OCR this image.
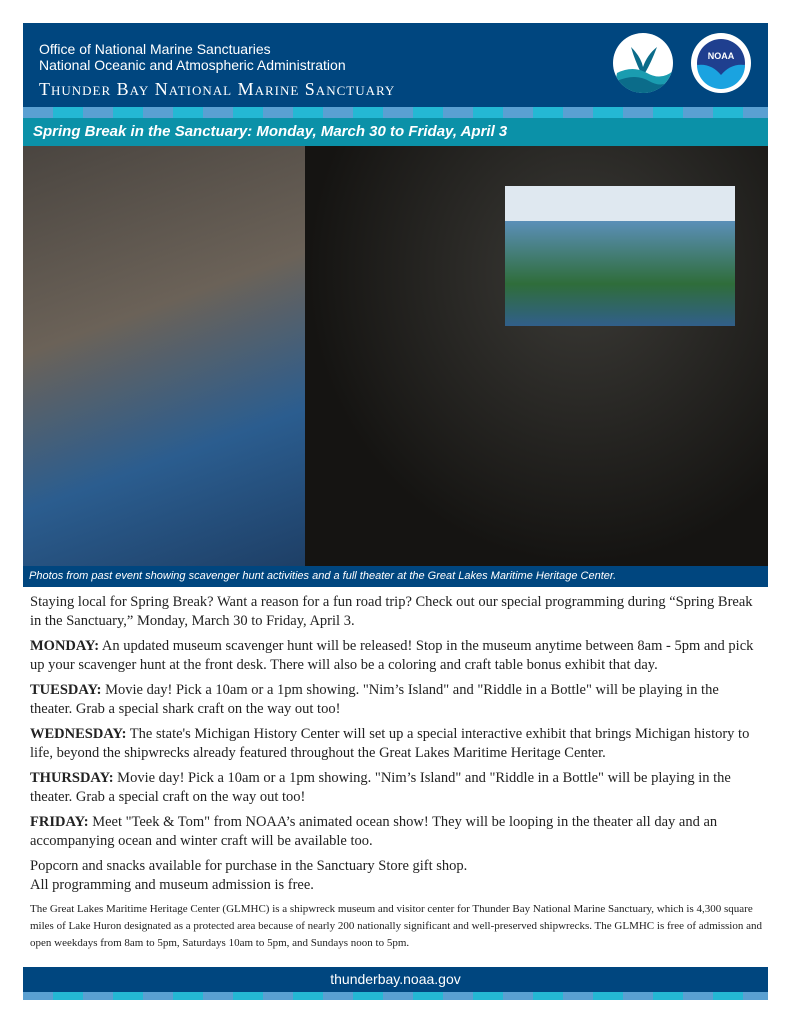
Office of National Marine Sanctuaries
National Oceanic and Atmospheric Administration
Thunder Bay National Marine Sanctuary
NOAA
Spring Break in the Sanctuary: Monday, March 30 to Friday, April 3
Photos from past event showing scavenger hunt activities and a full theater at the Great Lakes Maritime Heritage Center.

Staying local for Spring Break? Want a reason for a fun road trip? Check out our special programming during “Spring Break in the Sanctuary,” Monday, March 30 to Friday, April 3.

MONDAY: An updated museum scavenger hunt will be released! Stop in the museum anytime between 8am - 5pm and pick up your scavenger hunt at the front desk. There will also be a coloring and craft table bonus exhibit that day.

TUESDAY: Movie day! Pick a 10am or a 1pm showing. "Nim’s Island" and "Riddle in a Bottle" will be playing in the theater. Grab a special shark craft on the way out too!

WEDNESDAY: The state's Michigan History Center will set up a special interactive exhibit that brings Michigan history to life, beyond the shipwrecks already featured throughout the Great Lakes Maritime Heritage Center.

THURSDAY: Movie day! Pick a 10am or a 1pm showing. "Nim’s Island" and "Riddle in a Bottle" will be playing in the theater. Grab a special craft on the way out too!

FRIDAY: Meet "Teek & Tom" from NOAA’s animated ocean show! They will be looping in the theater all day and an accompanying ocean and winter craft will be available too.

Popcorn and snacks available for purchase in the Sanctuary Store gift shop.

All programming and museum admission is free.

The Great Lakes Maritime Heritage Center (GLMHC) is a shipwreck museum and visitor center for Thunder Bay National Marine Sanctuary, which is 4,300 square miles of Lake Huron designated as a protected area because of nearly 200 nationally significant and well-preserved shipwrecks. The GLMHC is free of admission and open weekdays from 8am to 5pm, Saturdays 10am to 5pm, and Sundays noon to 5pm.

thunderbay.noaa.gov
